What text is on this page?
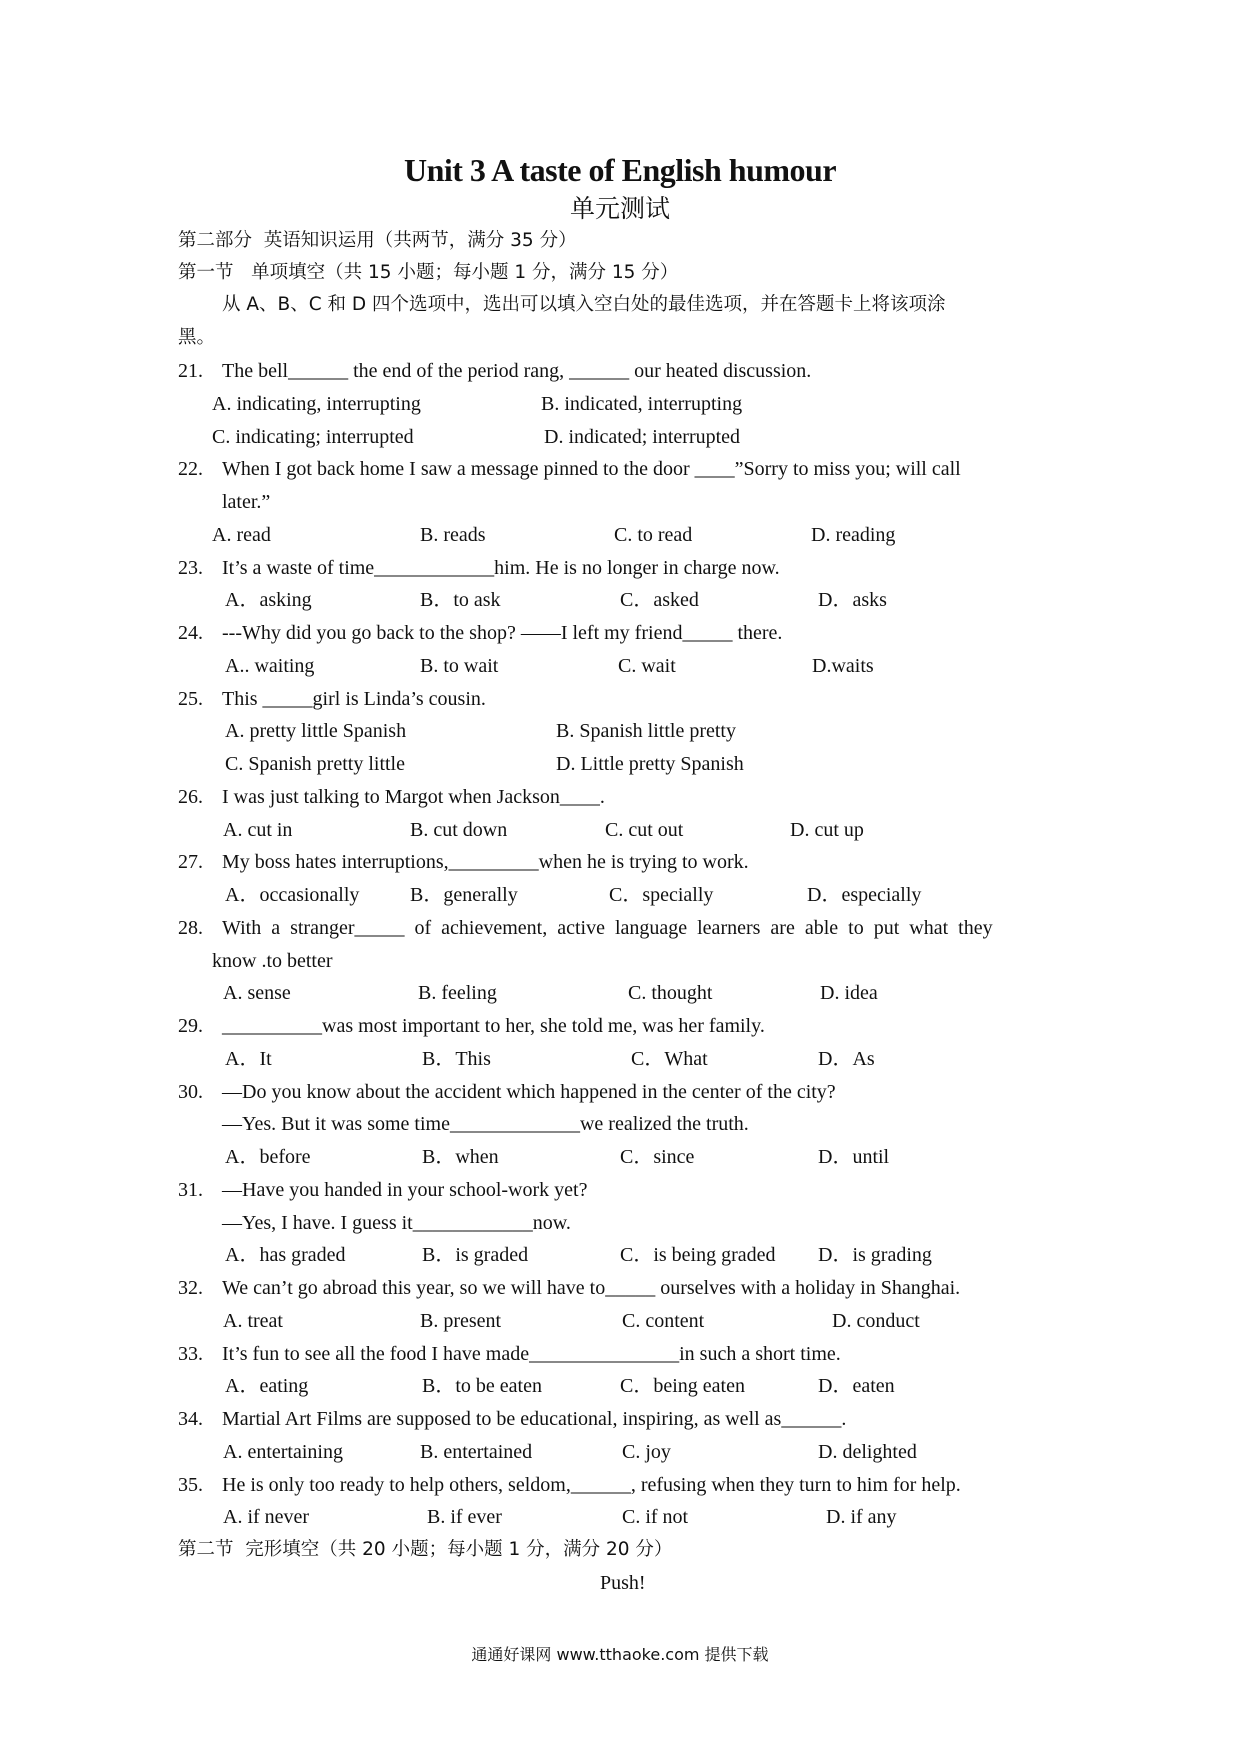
Unit 3 A taste of English humour
单元测试
第二部分  英语知识运用（共两节，满分 35 分）
第一节   单项填空（共 15 小题；每小题 1 分，满分 15 分）
从 A、B、C 和 D 四个选项中，选出可以填入空白处的最佳选项，并在答题卡上将该项涂
黑。
21. The bell______ the end of the period rang, ______ our heated discussion.
A. indicating, interrupting	B. indicated, interrupting
C. indicating; interrupted	D. indicated; interrupted
22. When I got back home I saw a message pinned to the door ____”Sorry to miss you; will call
later.”
A. read	B. reads	C. to read	D. reading
23. It’s a waste of time____________him. He is no longer in charge now.
A．asking	B．to ask	C．asked	D．asks
24. ---Why did you go back to the shop? ——I left my friend_____ there.
A.. waiting	B. to wait	C. wait	D.waits
25. This _____girl is Linda’s cousin.
A. pretty little Spanish	B. Spanish little pretty
C. Spanish pretty little	D. Little pretty Spanish
26. I was just talking to Margot when Jackson____.
A. cut in	B. cut down	C. cut out	D. cut up
27. My boss hates interruptions,_________when he is trying to work.
A．occasionally	B．generally	C．specially	D．especially
28. With  a  stranger_____  of  achievement,  active  language  learners  are  able  to  put  what  they
know .to better
A. sense	B. feeling	C. thought	D. idea
29. __________was most important to her, she told me, was her family.
A．It	B．This	C．What	D．As
30. —Do you know about the accident which happened in the center of the city?
—Yes. But it was some time_____________we realized the truth.
A．before	B．when	C．since	D．until
31. —Have you handed in your school-work yet?
—Yes, I have. I guess it____________now.
A．has graded	B．is graded	C．is being graded D．is grading
32. We can’t go abroad this year, so we will have to_____ ourselves with a holiday in Shanghai.
A. treat	B. present	C. content	D. conduct
33. It’s fun to see all the food I have made_______________in such a short time.
A．eating	B．to be eaten	C．being eaten	D．eaten
34. Martial Art Films are supposed to be educational, inspiring, as well as______.
A. entertaining	B. entertained	C. joy	D. delighted
35. He is only too ready to help others, seldom,______, refusing when they turn to him for help.
A. if never	B. if ever	C. if not	D. if any
第二节  完形填空（共 20 小题；每小题 1 分，满分 20 分）
Push!
通通好课网 www.tthaoke.com 提供下载
